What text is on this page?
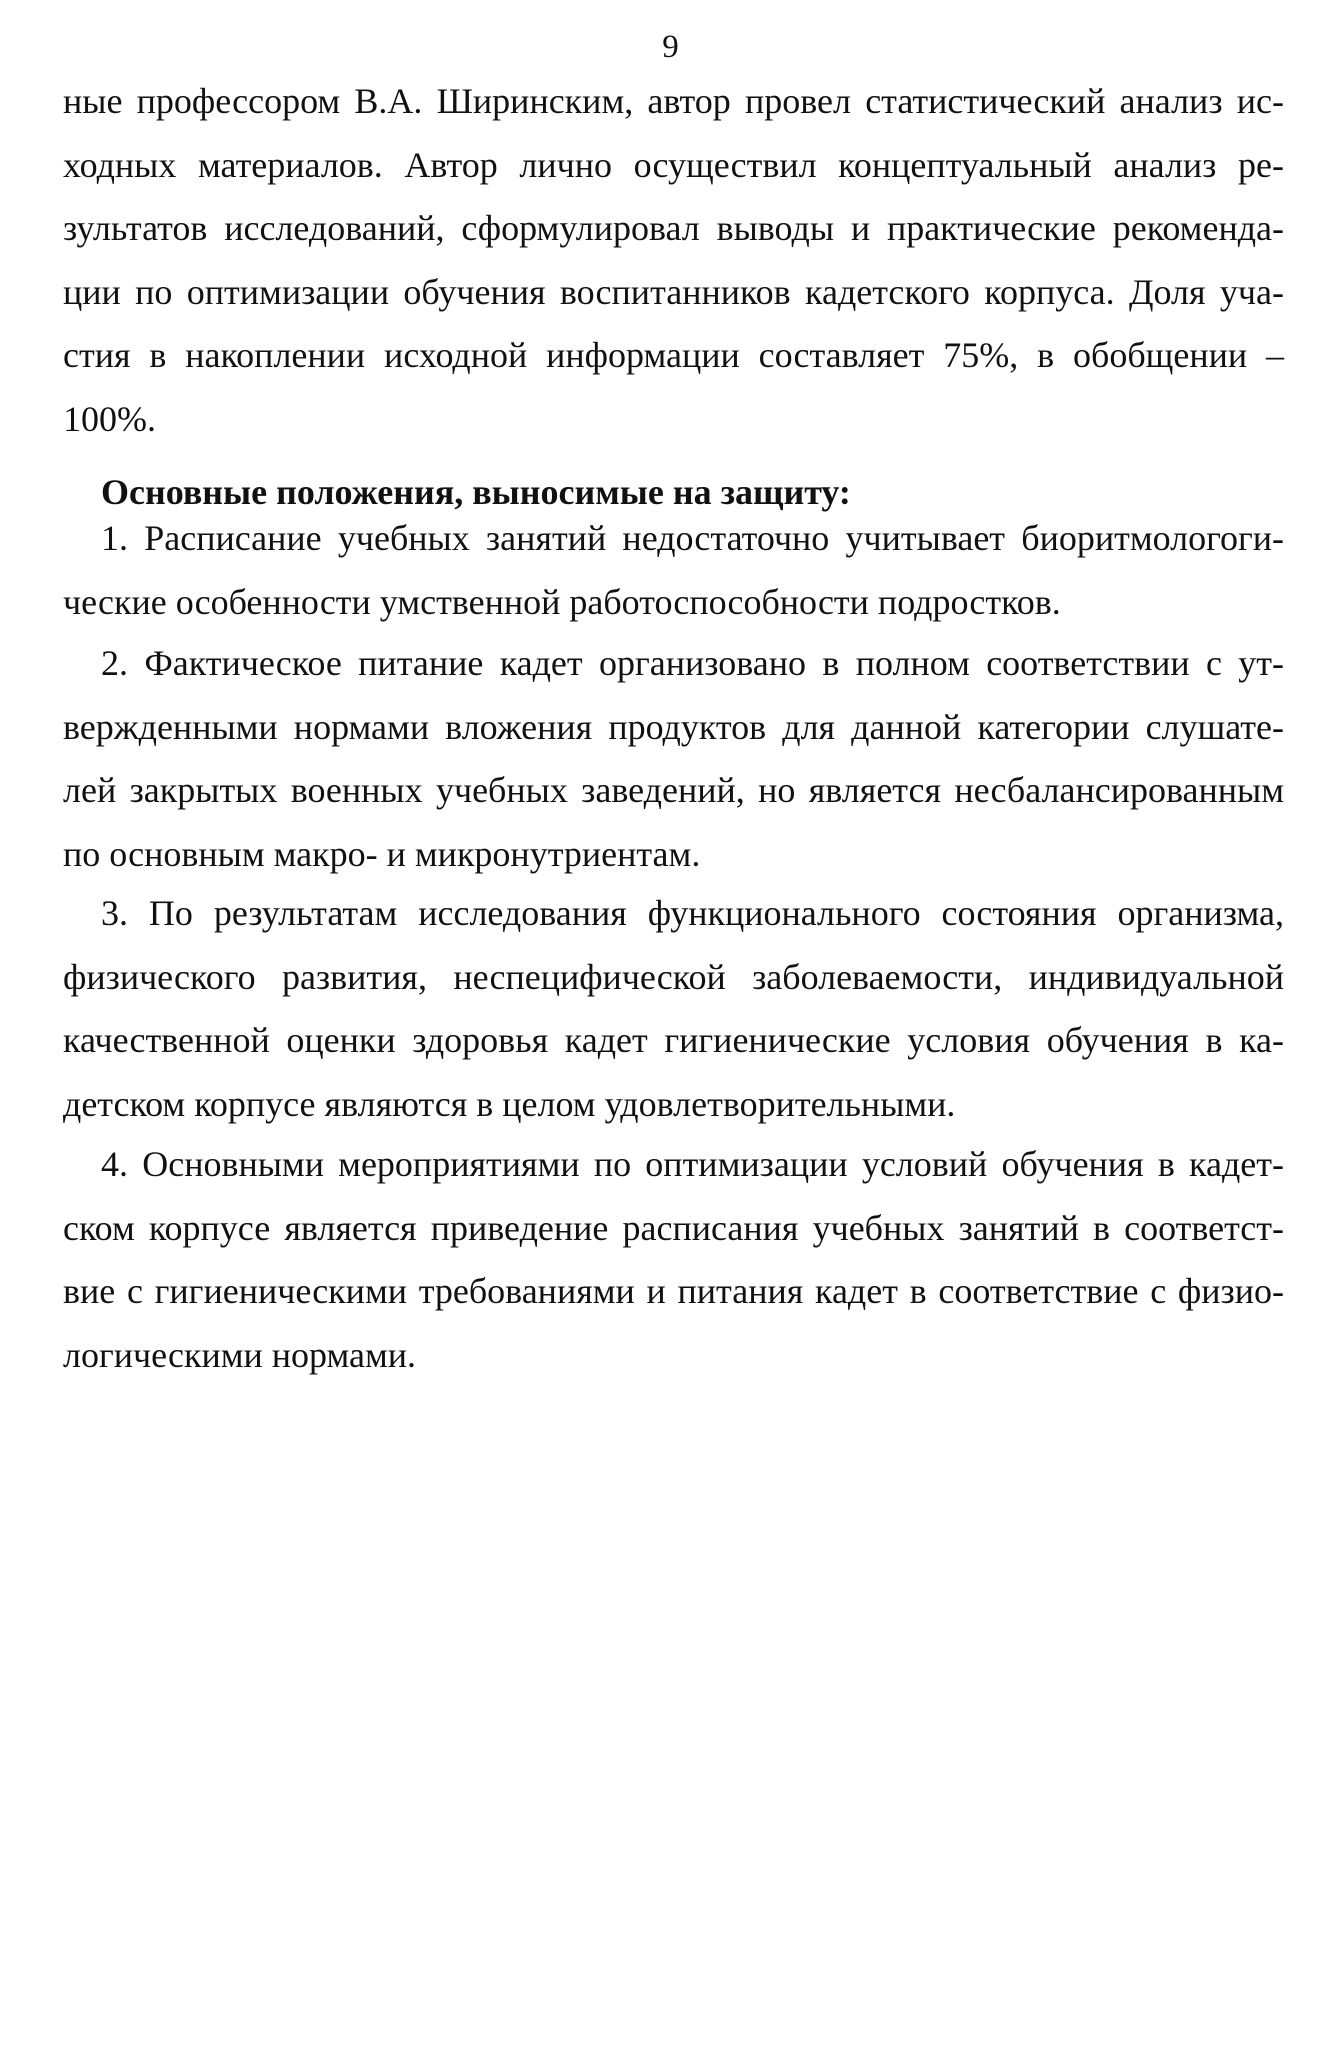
9
ные профессором В.А. Ширинским, автор провел статистический анализ ис-
ходных материалов. Автор лично осуществил концептуальный анализ ре-
зультатов исследований, сформулировал выводы и практические рекоменда-
ции по оптимизации обучения воспитанников кадетского корпуса. Доля уча-
стия в накоплении исходной информации составляет 75%, в обобщении –
100%.
Основные положения, выносимые на защиту:
1. Расписание учебных занятий недостаточно учитывает биоритмологоги-
ческие особенности умственной работоспособности подростков.
2. Фактическое питание кадет организовано в полном соответствии с ут-
вержденными нормами вложения продуктов для данной категории слушате-
лей закрытых военных учебных заведений, но является несбалансированным
по основным макро- и микронутриентам.
3. По результатам исследования функционального состояния организма,
физического развития, неспецифической заболеваемости, индивидуальной
качественной оценки здоровья кадет гигиенические условия обучения в ка-
детском корпусе являются в целом удовлетворительными.
4. Основными мероприятиями по оптимизации условий обучения в кадет-
ском корпусе является приведение расписания учебных занятий в соответст-
вие с гигиеническими требованиями и питания кадет в соответствие с физио-
логическими нормами.
